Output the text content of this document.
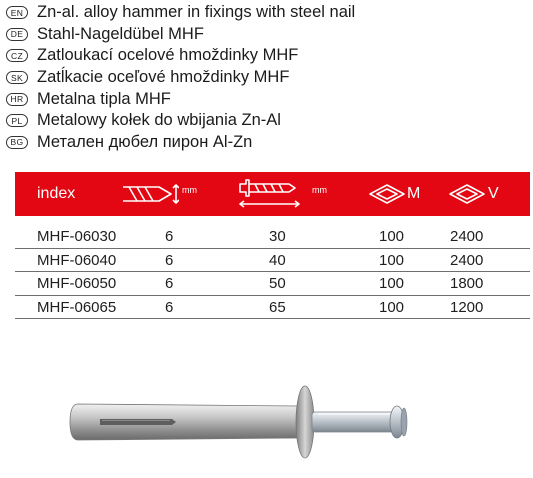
EN Zn-al. alloy hammer in fixings with steel nail
DE Stahl-Nageldübel MHF
CZ Zatloukací ocelové hmoždinky MHF
SK Zatĺkacie oceľové hmoždinky MHF
HR Metalna tipla MHF
PL Metalowy kołek do wbijania Zn-Al
BG Метален дюбел пирон Al-Zn
index	mm	mm	M	V
MHF-06030	6	30	100	2400
MHF-06040	6	40	100	2400
MHF-06050	6	50	100	1800
MHF-06065	6	65	100	1200
